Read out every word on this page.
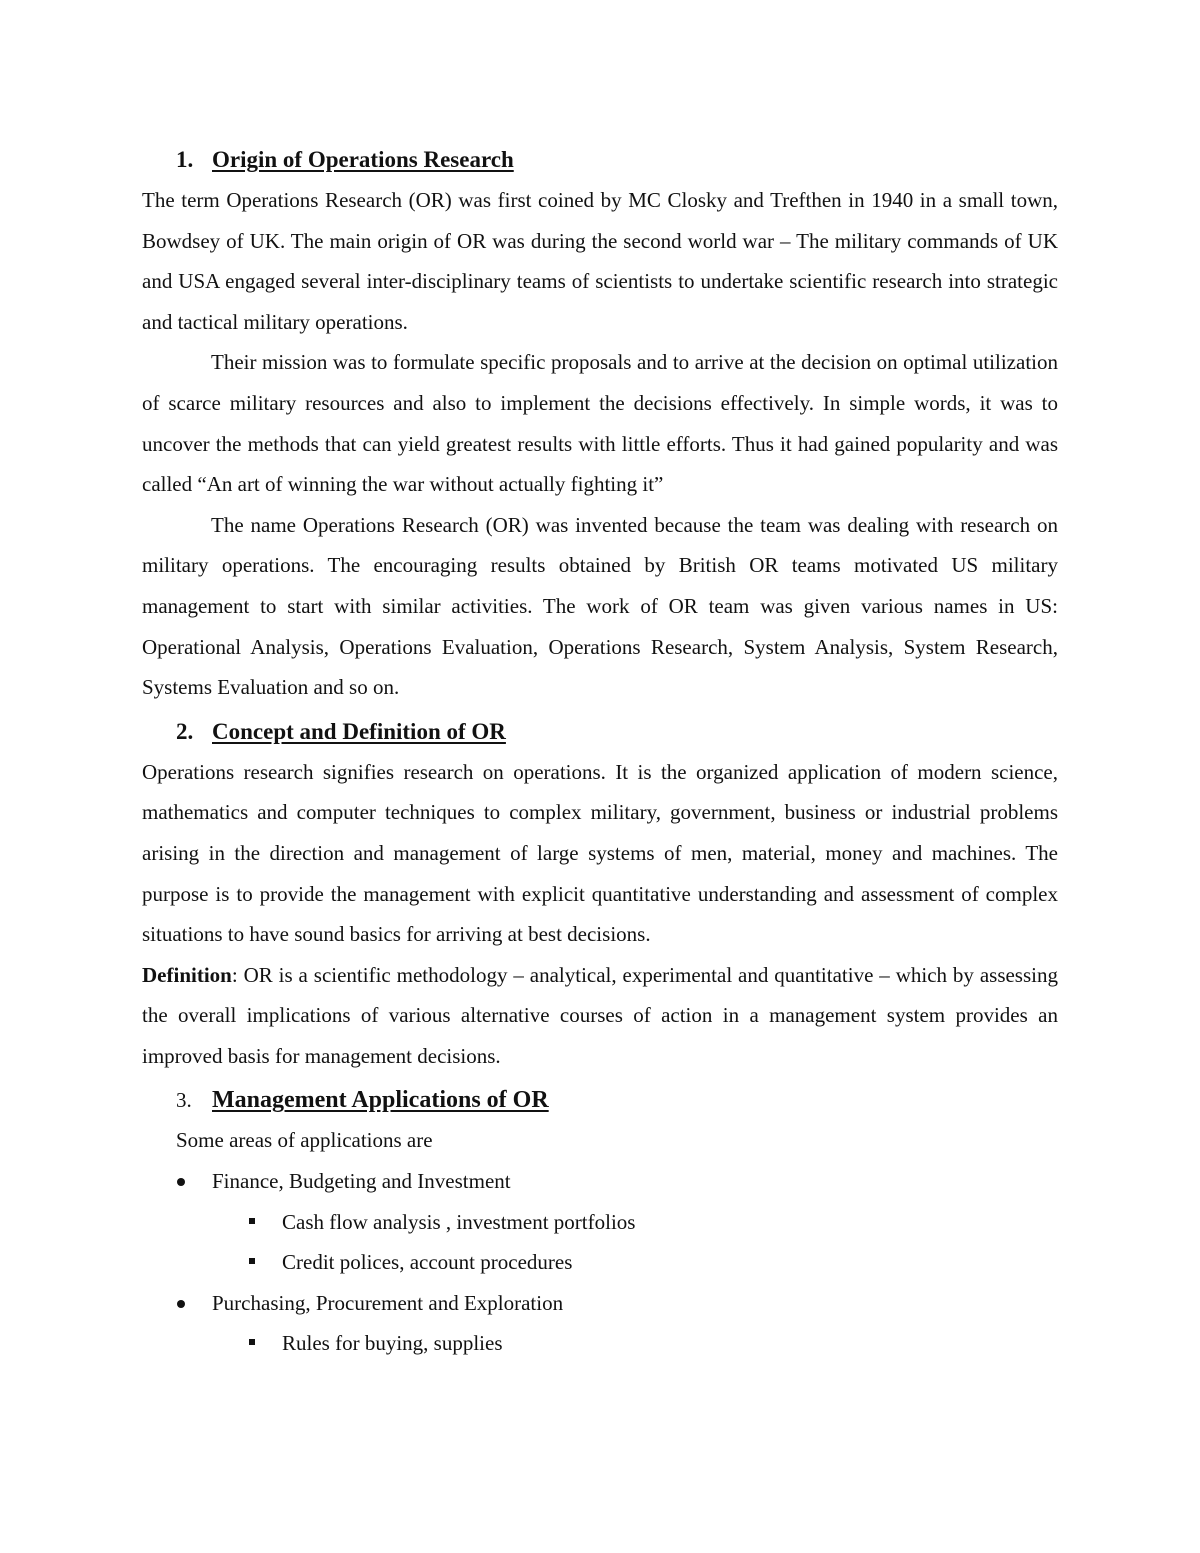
1. Origin of Operations Research

The term Operations Research (OR) was first coined by MC Closky and Trefthen in 1940 in a small town, Bowdsey of UK. The main origin of OR was during the second world war – The military commands of UK and USA engaged several inter-disciplinary teams of scientists to undertake scientific research into strategic and tactical military operations.

Their mission was to formulate specific proposals and to arrive at the decision on optimal utilization of scarce military resources and also to implement the decisions effectively. In simple words, it was to uncover the methods that can yield greatest results with little efforts. Thus it had gained popularity and was called “An art of winning the war without actually fighting it”

The name Operations Research (OR) was invented because the team was dealing with research on military operations. The encouraging results obtained by British OR teams motivated US military management to start with similar activities. The work of OR team was given various names in US: Operational Analysis, Operations Evaluation, Operations Research, System Analysis, System Research, Systems Evaluation and so on.

2. Concept and Definition of OR

Operations research signifies research on operations. It is the organized application of modern science, mathematics and computer techniques to complex military, government, business or industrial problems arising in the direction and management of large systems of men, material, money and machines. The purpose is to provide the management with explicit quantitative understanding and assessment of complex situations to have sound basics for arriving at best decisions.

Definition: OR is a scientific methodology – analytical, experimental and quantitative – which by assessing the overall implications of various alternative courses of action in a management system provides an improved basis for management decisions.

3. Management Applications of OR
Some areas of applications are
Finance, Budgeting and Investment
Cash flow analysis , investment portfolios
Credit polices, account procedures
Purchasing, Procurement and Exploration
Rules for buying, supplies
